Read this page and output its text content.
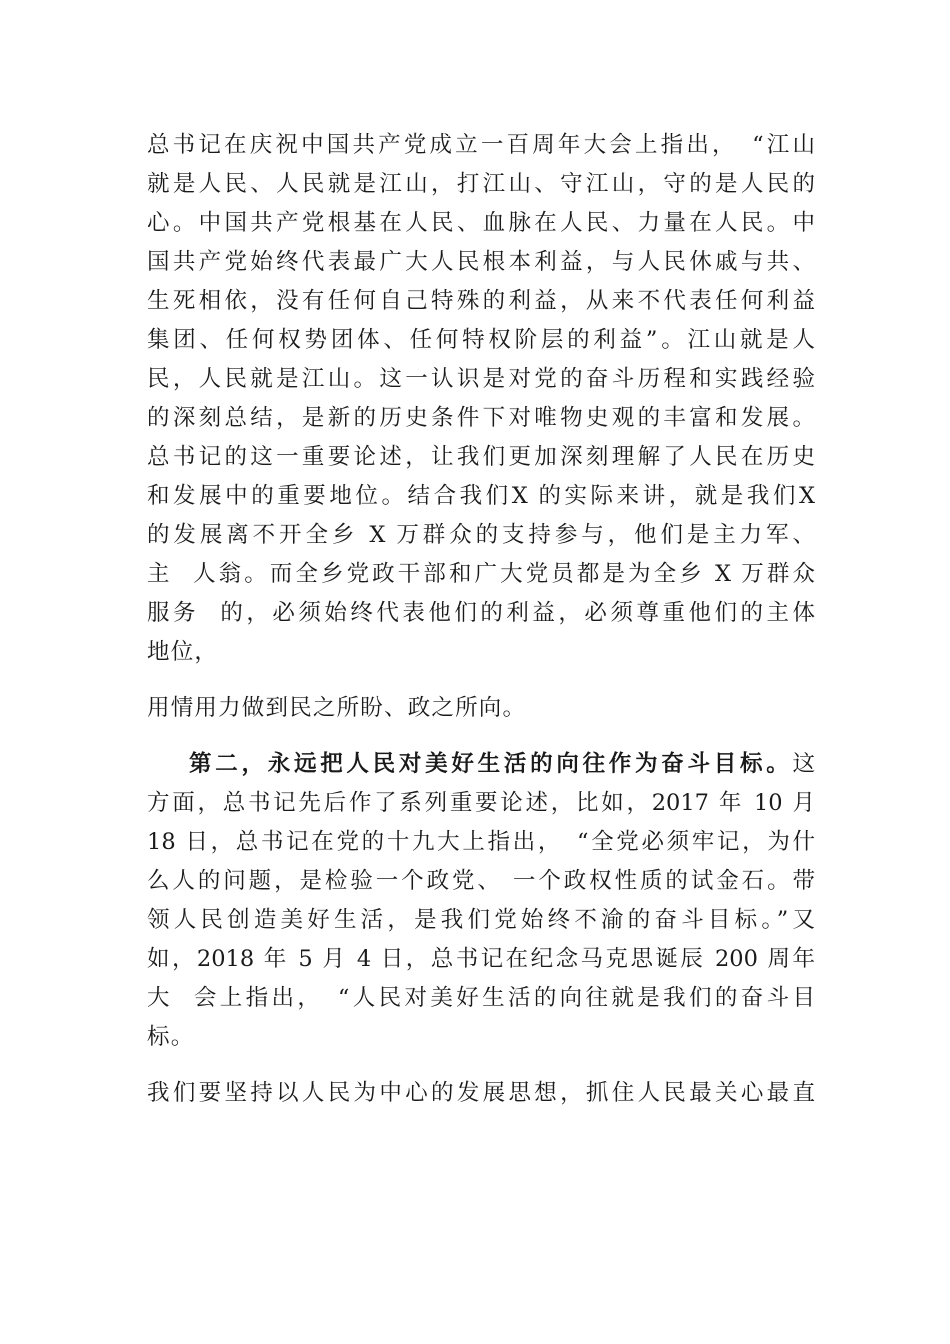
总书记在庆祝中国共产党成立一百周年大会上指出，　“江山
就是人民、人民就是江山，打江山、守江山，守的是人民的
心。中国共产党根基在人民、血脉在人民、力量在人民。中
国共产党始终代表最广大人民根本利益，与人民休戚与共、
生死相依，没有任何自己特殊的利益，从来不代表任何利益
集团、任何权势团体、任何特权阶层的利益”。江山就是人
民，人民就是江山。这一认识是对党的奋斗历程和实践经验
的深刻总结，是新的历史条件下对唯物史观的丰富和发展。
总书记的这一重要论述，让我们更加深刻理解了人民在历史
和发展中的重要地位。结合我们X 的实际来讲，就是我们X
的发展离不开全乡 X 万群众的支持参与，他们是主力军、
主  人翁。而全乡党政干部和广大党员都是为全乡 X 万群众
服务  的，必须始终代表他们的利益，必须尊重他们的主体
地位，
用情用力做到民之所盼、政之所向。
第二，永远把人民对美好生活的向往作为奋斗目标。这
方面，总书记先后作了系列重要论述，比如，2017 年 10 月
18 日，总书记在党的十九大上指出，　“全党必须牢记，为什
么人的问题，是检验一个政党、 一个政权性质的试金石。带
领人民创造美好生活，是我们党始终不渝的奋斗目标。”又
如，2018 年 5 月 4 日，总书记在纪念马克思诞辰 200 周年
大  会上指出，　“人民对美好生活的向往就是我们的奋斗目
标。
我们要坚持以人民为中心的发展思想，抓住人民最关心最直
